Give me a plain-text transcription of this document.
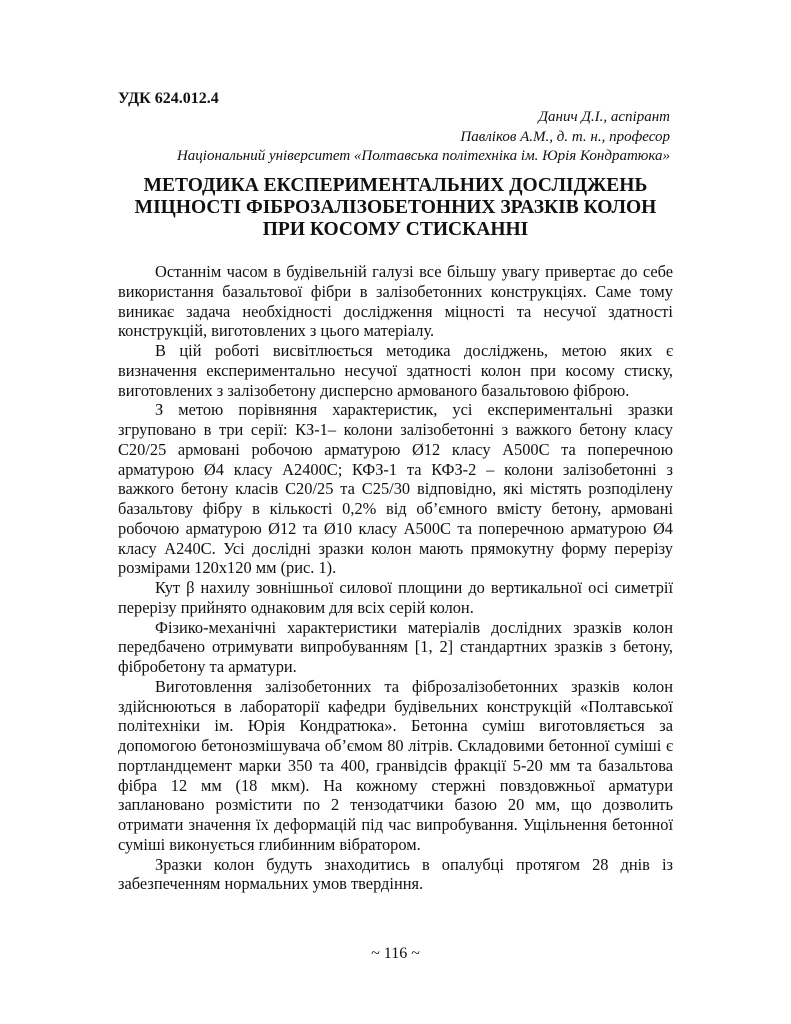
УДК 624.012.4
Данич Д.І., аспірант
Павліков А.М., д. т. н., професор
Національний університет «Полтавська політехніка ім. Юрія Кондратюка»
МЕТОДИКА ЕКСПЕРИМЕНТАЛЬНИХ ДОСЛІДЖЕНЬ
МІЦНОСТІ ФІБРОЗАЛІЗОБЕТОННИХ ЗРАЗКІВ КОЛОН
ПРИ КОСОМУ СТИСКАННІ

Останнім часом в будівельній галузі все більшу увагу привертає до себе використання базальтової фібри в залізобетонних конструкціях. Саме тому виникає задача необхідності дослідження міцності та несучої здатності конструкцій, виготовлених з цього матеріалу.

В цій роботі висвітлюється методика досліджень, метою яких є визначення експериментально несучої здатності колон при косому стиску, виготовлених з залізобетону дисперсно армованого базальтовою фіброю.

З метою порівняння характеристик, усі експериментальні зразки згруповано в три серії: КЗ-1– колони залізобетонні з важкого бетону класу С20/25 армовані робочою арматурою Ø12 класу А500С та поперечною арматурою Ø4 класу А2400С; КФЗ-1 та КФЗ-2 – колони залізобетонні з важкого бетону класів С20/25 та С25/30 відповідно, які містять розподілену базальтову фібру в кількості 0,2% від об’ємного вмісту бетону, армовані робочою арматурою Ø12 та Ø10 класу А500С та поперечною арматурою Ø4 класу А240С. Усі дослідні зразки колон мають прямокутну форму перерізу розмірами 120х120 мм (рис. 1).

Кут β нахилу зовнішньої силової площини до вертикальної осі симетрії перерізу прийнято однаковим для всіх серій колон.

Фізико-механічні характеристики матеріалів дослідних зразків колон передбачено отримувати випробуванням [1, 2] стандартних зразків з бетону, фібробетону та арматури.

Виготовлення залізобетонних та фіброзалізобетонних зразків колон здійснюються в лабораторії кафедри будівельних конструкцій «Полтавської політехніки ім. Юрія Кондратюка». Бетонна суміш виготовляється за допомогою бетонозмішувача об’ємом 80 літрів. Складовими бетонної суміші є портландцемент марки 350 та 400, гранвідсів фракції 5-20 мм та базальтова фібра 12 мм (18 мкм). На кожному стержні повздовжньої арматури заплановано розмістити по 2 тензодатчики базою 20 мм, що дозволить отримати значення їх деформацій під час випробування. Ущільнення бетонної суміші виконується глибинним вібратором.

Зразки колон будуть знаходитись в опалубці протягом 28 днів із забезпеченням нормальних умов твердіння.

~ 116 ~
